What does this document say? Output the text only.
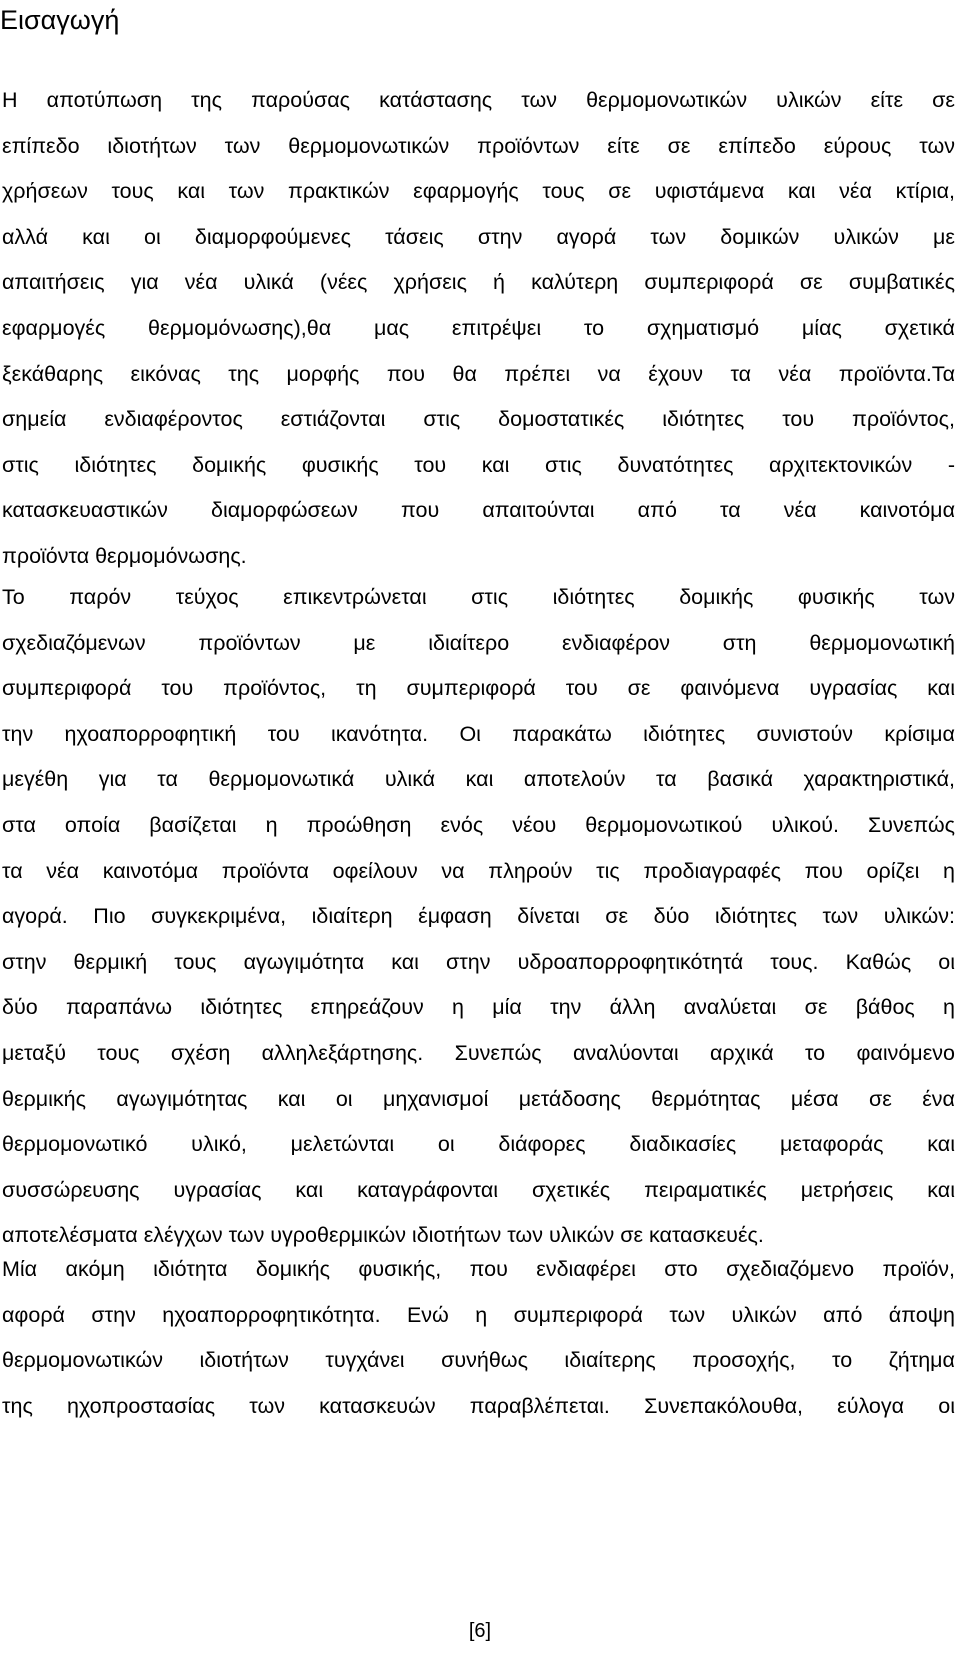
Εισαγωγή

Η αποτύπωση της παρούσας κατάστασης των θερμομονωτικών υλικών είτε σε
επίπεδο ιδιοτήτων των θερμομονωτικών προϊόντων είτε σε επίπεδο εύρους των
χρήσεων τους και των πρακτικών εφαρμογής τους σε υφιστάμενα και νέα κτίρια,
αλλά και οι διαμορφούμενες τάσεις στην αγορά των δομικών υλικών με
απαιτήσεις για νέα υλικά (νέες χρήσεις ή καλύτερη συμπεριφορά σε συμβατικές
εφαρμογές θερμομόνωσης),θα μας επιτρέψει το σχηματισμό μίας σχετικά
ξεκάθαρης εικόνας της μορφής που θα πρέπει να έχουν τα νέα προϊόντα.Τα
σημεία ενδιαφέροντος εστιάζονται στις δομοστατικές ιδιότητες του προϊόντος,
στις ιδιότητες δομικής φυσικής του και στις δυνατότητες αρχιτεκτονικών -
κατασκευαστικών διαμορφώσεων που απαιτούνται από τα νέα καινοτόμα
προϊόντα θερμομόνωσης.

Το παρόν τεύχος επικεντρώνεται στις ιδιότητες δομικής φυσικής των
σχεδιαζόμενων προϊόντων με ιδιαίτερο ενδιαφέρον στη θερμομονωτική
συμπεριφορά του προϊόντος, τη συμπεριφορά του σε φαινόμενα υγρασίας και
την ηχοαπορροφητική του ικανότητα. Οι παρακάτω ιδιότητες συνιστούν κρίσιμα
μεγέθη για τα θερμομονωτικά υλικά και αποτελούν τα βασικά χαρακτηριστικά,
στα οποία βασίζεται η προώθηση ενός νέου θερμομονωτικού υλικού. Συνεπώς
τα νέα καινοτόμα προϊόντα οφείλουν να πληρούν τις προδιαγραφές που ορίζει η
αγορά. Πιο συγκεκριμένα, ιδιαίτερη έμφαση δίνεται σε δύο ιδιότητες των υλικών:
στην θερμική τους αγωγιμότητα και στην υδροαπορροφητικότητά τους. Καθώς οι
δύο παραπάνω ιδιότητες επηρεάζουν η μία την άλλη αναλύεται σε βάθος η
μεταξύ τους σχέση αλληλεξάρτησης. Συνεπώς αναλύονται αρχικά το φαινόμενο
θερμικής αγωγιμότητας και οι μηχανισμοί μετάδοσης θερμότητας μέσα σε ένα
θερμομονωτικό υλικό, μελετώνται οι διάφορες διαδικασίες μεταφοράς και
συσσώρευσης υγρασίας και καταγράφονται σχετικές πειραματικές μετρήσεις και
αποτελέσματα ελέγχων των υγροθερμικών ιδιοτήτων των υλικών σε κατασκευές.

Μία ακόμη ιδιότητα δομικής φυσικής, που ενδιαφέρει στο σχεδιαζόμενο προϊόν,
αφορά στην ηχοαπορροφητικότητα. Ενώ η συμπεριφορά των υλικών από άποψη
θερμομονωτικών ιδιοτήτων τυγχάνει συνήθως ιδιαίτερης προσοχής, το ζήτημα
της ηχοπροστασίας των κατασκευών παραβλέπεται. Συνεπακόλουθα, εύλογα οι

[6]
